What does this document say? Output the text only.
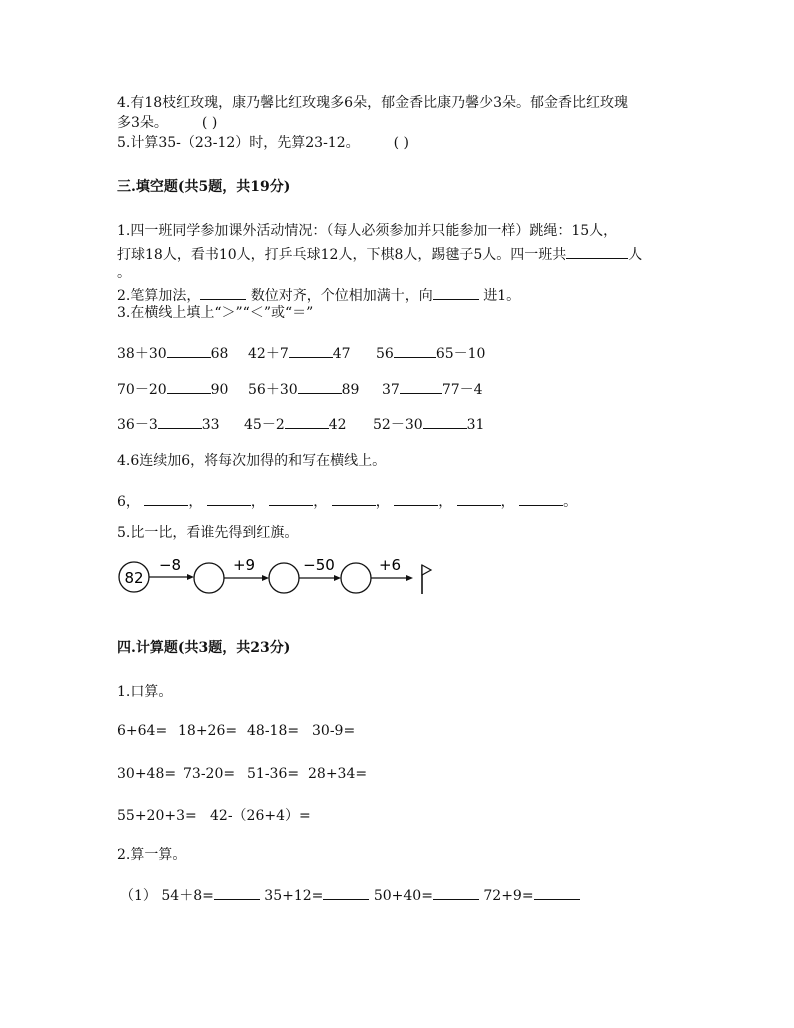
4.有18枝红玫瑰，康乃馨比红玫瑰多6朵，郁金香比康乃馨少3朵。郁金香比红玫瑰
多3朵。 ( )
5.计算35-（23-12）时，先算23-12。 ( )
三.填空题(共5题，共19分)
1.四一班同学参加课外活动情况：（每人必须参加并只能参加一样）跳绳：15人，
打球18人，看书10人，打乒乓球12人，下棋8人，踢毽子5人。四一班共	人
。
2.笔算加法，	数位对齐，个位相加满十，向	进1。
3.在横线上填上“＞”“＜”或“＝”
38＋30	68 42＋7	47 56	65－10
70－20	90 56＋30	89 37	77－4
36－3	33 45－2	42 52－30	31
4.6连续加6，将每次加得的和写在横线上。
6，	，	，	，	，	，	，	。
5.比一比，看谁先得到红旗。
82
−8	+9	−50	+6
四.计算题(共3题，共23分)
1.口算。
6+64= 18+26= 48-18= 30-9=
30+48= 73-20= 51-36= 28+34=
55+20+3= 42-（26+4）=
2.算一算。
（1） 54＋8=	35+12=	50+40=	72+9=
